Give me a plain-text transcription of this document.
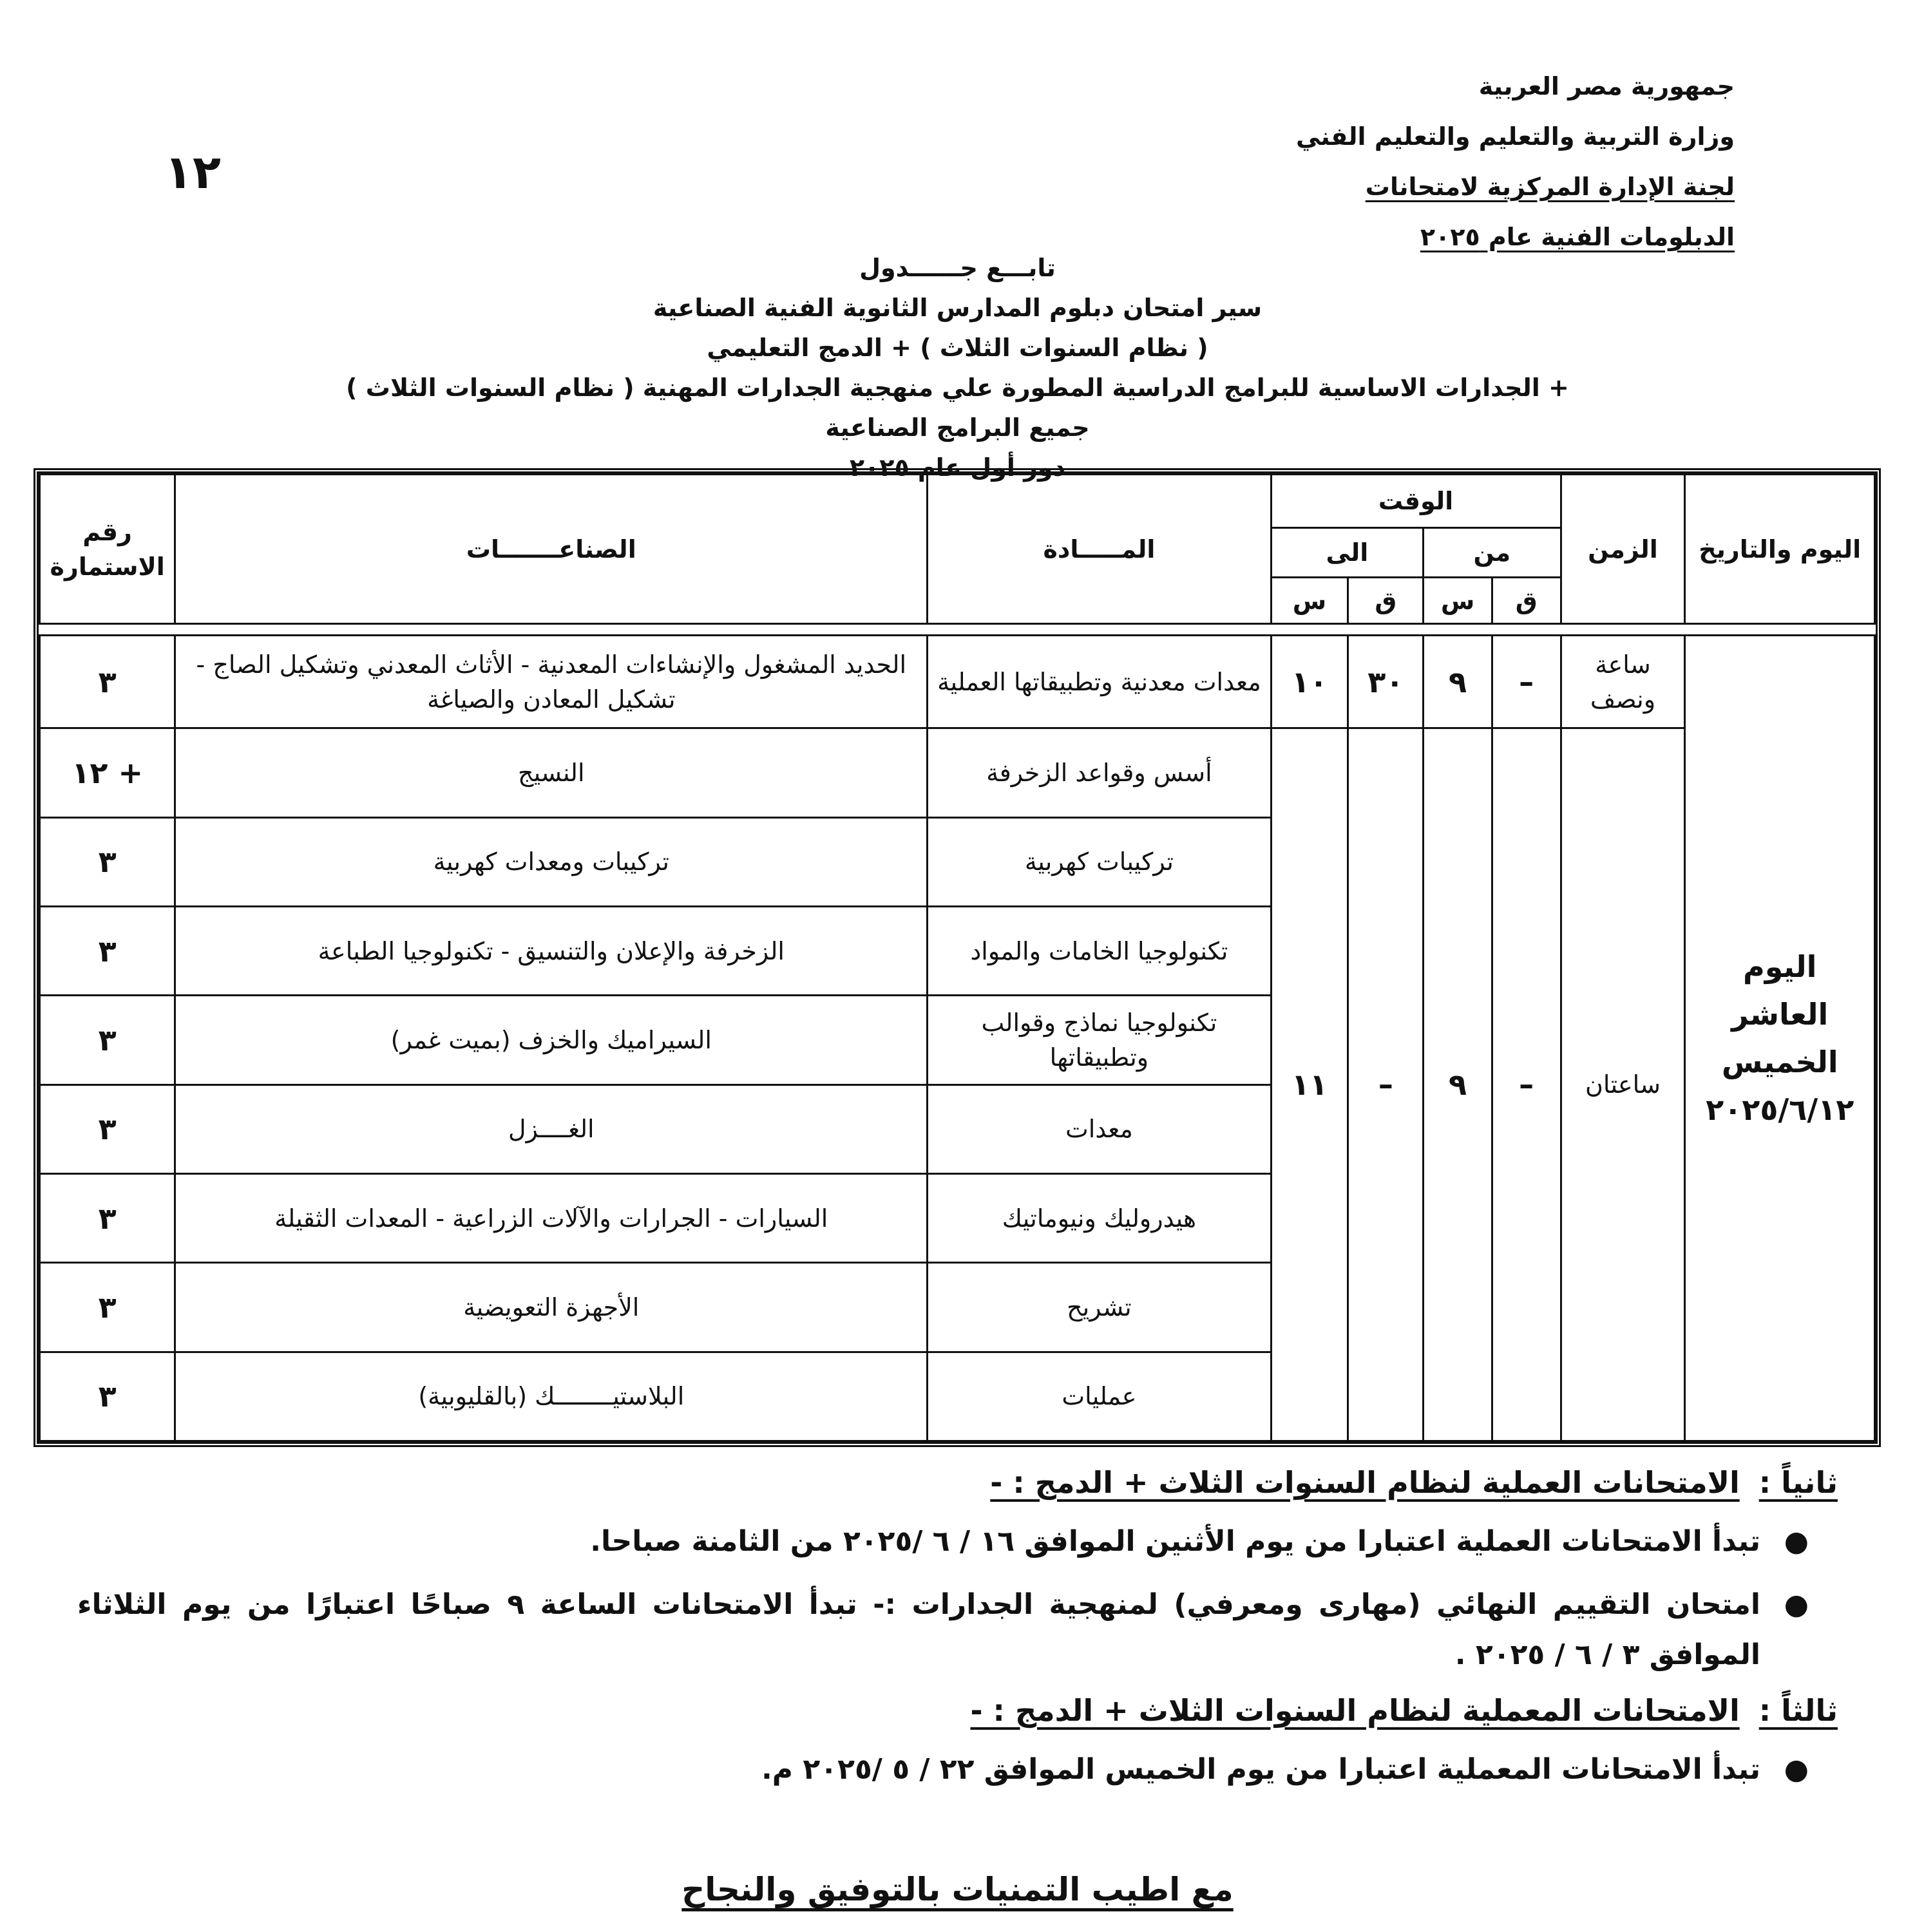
جمهورية مصر العربية
وزارة التربية والتعليم والتعليم الفني
لجنة الإدارة المركزية لامتحانات
الدبلومات الفنية عام ٢٠٢٥
١٢
تابـــع جــــــدول
سير امتحان دبلوم المدارس الثانوية الفنية الصناعية
( نظام السنوات الثلاث ) + الدمج التعليمي
+ الجدارات الاساسية للبرامج الدراسية المطورة علي منهجية الجدارات المهنية ( نظام السنوات الثلاث )
جميع البرامج الصناعية
دور أول عام ٢٠٢٥
اليوم والتاريخ	الزمن	الوقت				المـــــادة	الصناعـــــــات	رقم الاستمارة
		من		الى				
		ق	س	ق	س			

اليوم
العاشر
الخميس
٢٠٢٥/٦/١٢	ساعة ونصف	–	٩	٣٠	١٠	معدات معدنية وتطبيقاتها العملية	الحديد المشغول والإنشاءات المعدنية - الأثاث المعدني وتشكيل الصاج - تشكيل المعادن والصياغة	٣
	ساعتان	–	٩	–	١١	أسس وقواعد الزخرفة	النسيج	١٢ +
						تركيبات كهربية	تركيبات ومعدات كهربية	٣
						تكنولوجيا الخامات والمواد	الزخرفة والإعلان والتنسيق - تكنولوجيا الطباعة	٣
						تكنولوجيا نماذج وقوالب وتطبيقاتها	السيراميك والخزف (بميت غمر)	٣
						معدات	الغــــزل	٣
						هيدروليك ونيوماتيك	السيارات - الجرارات والآلات الزراعية - المعدات الثقيلة	٣
						تشريح	الأجهزة التعويضية	٣
						عمليات	البلاستيــــــــك (بالقليوبية)	٣
ثانياً :الامتحانات العملية لنظام السنوات الثلاث + الدمج : -
●
تبدأ الامتحانات العملية اعتبارا من يوم الأثنين الموافق ١٦ / ٦ /٢٠٢٥ من الثامنة صباحا.
●
امتحان التقييم النهائي (مهارى ومعرفي) لمنهجية الجدارات :- تبدأ الامتحانات الساعة ٩ صباحًا اعتبارًا من يوم الثلاثاء الموافق ٣ / ٦ / ٢٠٢٥ .
ثالثاً :الامتحانات المعملية لنظام السنوات الثلاث + الدمج : -
●
تبدأ الامتحانات المعملية اعتبارا من يوم الخميس الموافق ٢٢ / ٥ /٢٠٢٥ م.
مع اطيب التمنيات بالتوفيق والنجاح
